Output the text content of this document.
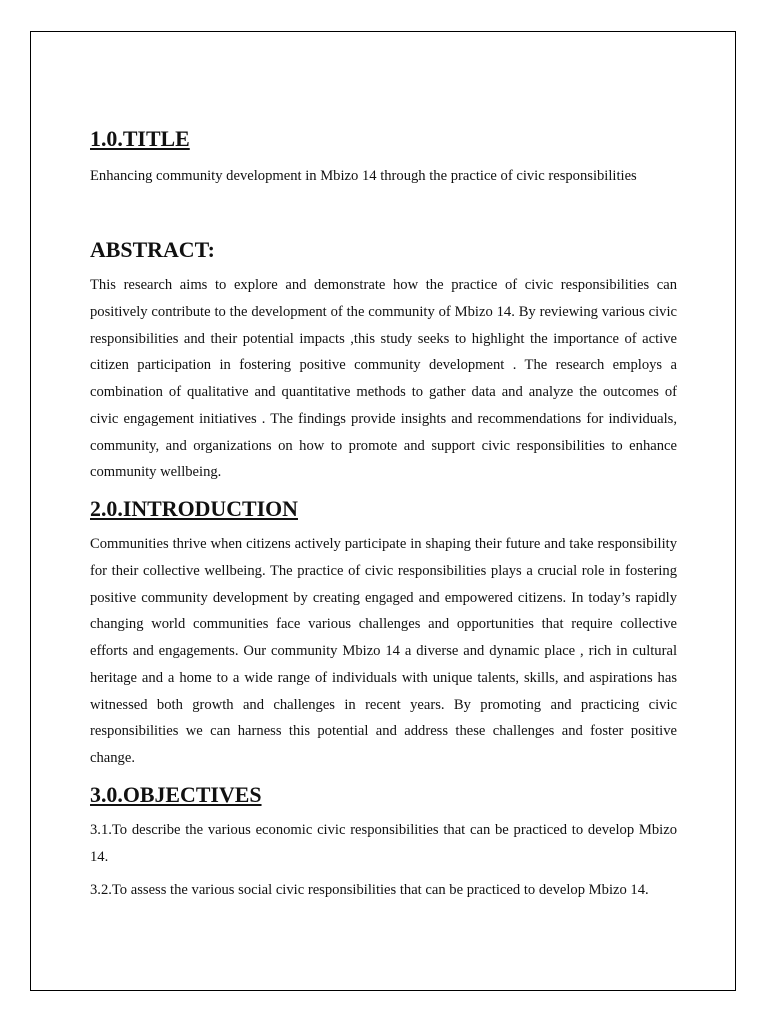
1.0.TITLE

Enhancing community development in Mbizo 14 through the practice of civic responsibilities

ABSTRACT:

This research aims to explore and demonstrate how the practice of civic responsibilities can positively contribute to the development of the community of Mbizo 14. By reviewing various civic responsibilities and their potential impacts ,this study seeks to highlight the importance of active citizen participation in fostering positive community development . The research employs a combination of qualitative and quantitative methods to gather data and analyze the outcomes of civic engagement initiatives . The findings provide insights and recommendations for individuals, community, and organizations on how to promote and support civic responsibilities to enhance community wellbeing.

2.0.INTRODUCTION

Communities thrive when citizens actively participate in shaping their future and take responsibility for their collective wellbeing. The practice of civic responsibilities plays a crucial role in fostering positive community development by creating engaged and empowered citizens. In today’s rapidly changing world communities face various challenges and opportunities that require collective efforts and engagements. Our community Mbizo 14 a diverse and dynamic place , rich in cultural heritage and a home to a wide range of individuals with unique talents, skills, and aspirations has witnessed both growth and challenges in recent years. By promoting and practicing civic responsibilities we can harness this potential and address these challenges and foster positive change.

3.0.OBJECTIVES

3.1.To describe the various economic civic responsibilities that can be practiced to develop Mbizo 14.

3.2.To assess the various social civic responsibilities that can be practiced to develop Mbizo 14.
